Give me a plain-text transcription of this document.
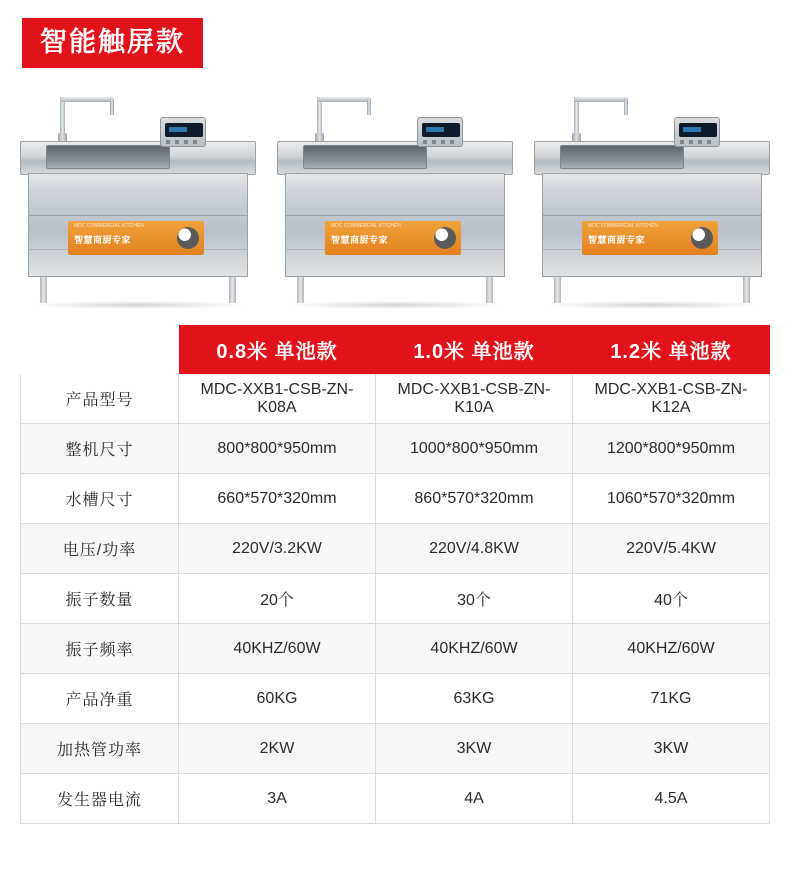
智能触屏款
MDC COMMERCIAL KITCHEN
智慧商厨专家
MDC COMMERCIAL KITCHEN
智慧商厨专家
MDC COMMERCIAL KITCHEN
智慧商厨专家
	0.8米 单池款	1.0米 单池款	1.2米 单池款
产品型号	MDC-XXB1-CSB-ZN-K08A	MDC-XXB1-CSB-ZN-K10A	MDC-XXB1-CSB-ZN-K12A
整机尺寸	800*800*950mm	1000*800*950mm	1200*800*950mm
水槽尺寸	660*570*320mm	860*570*320mm	1060*570*320mm
电压/功率	220V/3.2KW	220V/4.8KW	220V/5.4KW
振子数量	20个	30个	40个
振子频率	40KHZ/60W	40KHZ/60W	40KHZ/60W
产品净重	60KG	63KG	71KG
加热管功率	2KW	3KW	3KW
发生器电流	3A	4A	4.5A
